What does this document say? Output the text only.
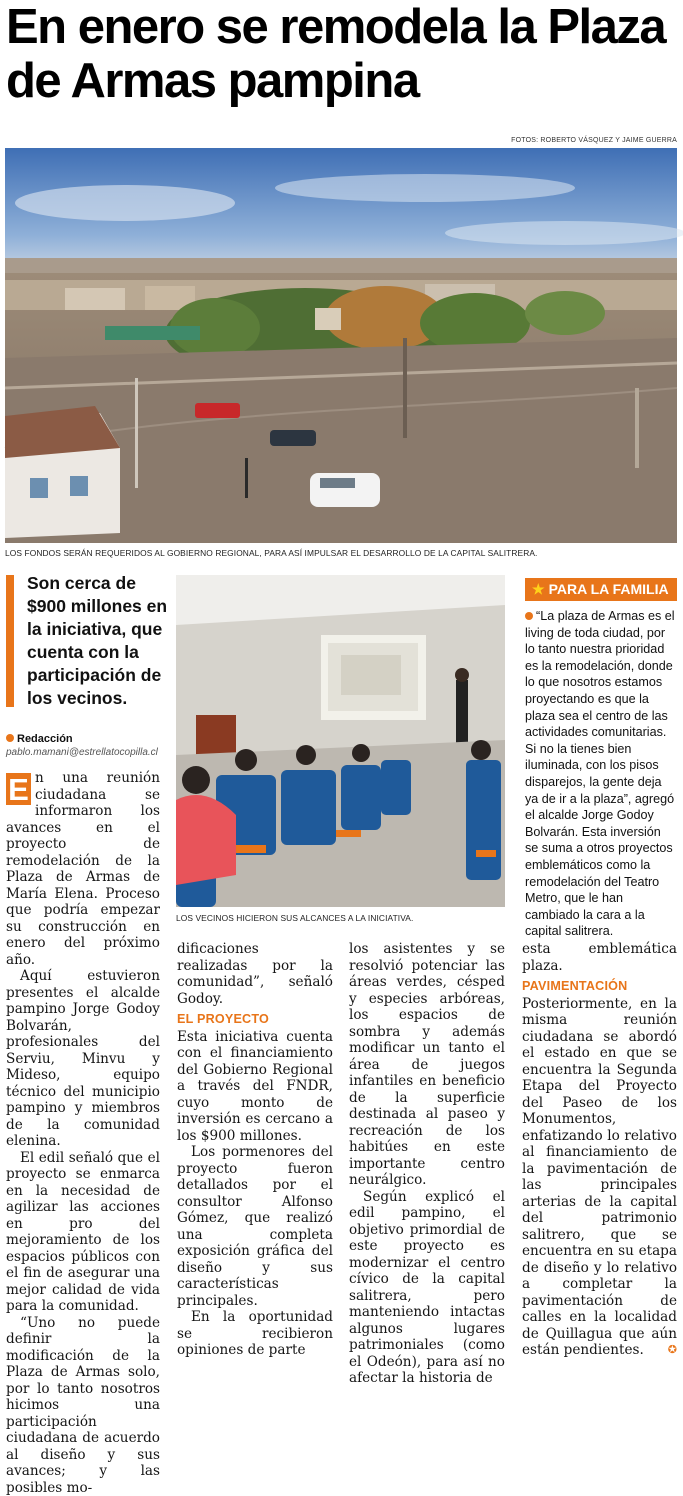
En enero se remodela la Plaza de Armas pampina
FOTOS: ROBERTO VÁSQUEZ Y JAIME GUERRA
LOS FONDOS SERÁN REQUERIDOS AL GOBIERNO REGIONAL, PARA ASÍ IMPULSAR EL DESARROLLO DE LA CAPITAL SALITRERA.
Son cerca de $900 millones en la iniciativa, que cuenta con la participación de los vecinos.
Redacción
pablo.mamani@estrellatocopilla.cl
LOS VECINOS HICIERON SUS ALCANCES A LA INICIATIVA.
★ PARA LA FAMILIA
“La plaza de Armas es el living de toda ciudad, por lo tanto nuestra prioridad es la remodelación, donde lo que nosotros estamos proyectando es que la plaza sea el centro de las actividades comunitarias. Si no la tienes bien iluminada, con los pisos disparejos, la gente deja ya de ir a la plaza”, agregó el alcalde Jorge Godoy Bolvarán. Esta inversión se suma a otros proyectos emblemáticos como la remodelación del Teatro Metro, que le han cambiado la cara a la capital salitrera.

E n una reunión ciudadana se informaron los avances en el proyecto de remodelación de la Plaza de Armas de María Elena. Proceso que podría empezar su construcción en enero del próximo año.

Aquí estuvieron presentes el alcalde pampino Jorge Godoy Bolvarán, profesionales del Serviu, Minvu y Mideso, equipo técnico del municipio pampino y miembros de la comunidad elenina.

El edil señaló que el proyecto se enmarca en la necesidad de agilizar las acciones en pro del mejoramiento de los espacios públicos con el fin de asegurar una mejor calidad de vida para la comunidad.

“Uno no puede definir la modificación de la Plaza de Armas solo, por lo tanto nosotros hicimos una participación ciudadana de acuerdo al diseño y sus avances; y las posibles mo-

dificaciones realizadas por la comunidad”, señaló Godoy.

EL PROYECTO

Esta iniciativa cuenta con el financiamiento del Gobierno Regional a través del FNDR, cuyo monto de inversión es cercano a los $900 millones.

Los pormenores del proyecto fueron detallados por el consultor Alfonso Gómez, que realizó una completa exposición gráfica del diseño y sus características principales.

En la oportunidad se recibieron opiniones de parte

los asistentes y se resolvió potenciar las áreas verdes, césped y especies arbóreas, los espacios de sombra y además modificar un tanto el área de juegos infantiles en beneficio de la superficie destinada al paseo y recreación de los habitúes en este importante centro neurálgico.

Según explicó el edil pampino, el objetivo primordial de este proyecto es modernizar el centro cívico de la capital salitrera, pero manteniendo intactas algunos lugares patrimoniales (como el Odeón), para así no afectar la historia de

esta emblemática plaza.

PAVIMENTACIÓN

Posteriormente, en la misma reunión ciudadana se abordó el estado en que se encuentra la Segunda Etapa del Proyecto del Paseo de los Monumentos, enfatizando lo relativo al financiamiento de la pavimentación de las principales arterias de la capital del patrimonio salitrero, que se encuentra en su etapa de diseño y lo relativo a completar la pavimentación de calles en la localidad de Quillagua que aún están pendientes. ✪
